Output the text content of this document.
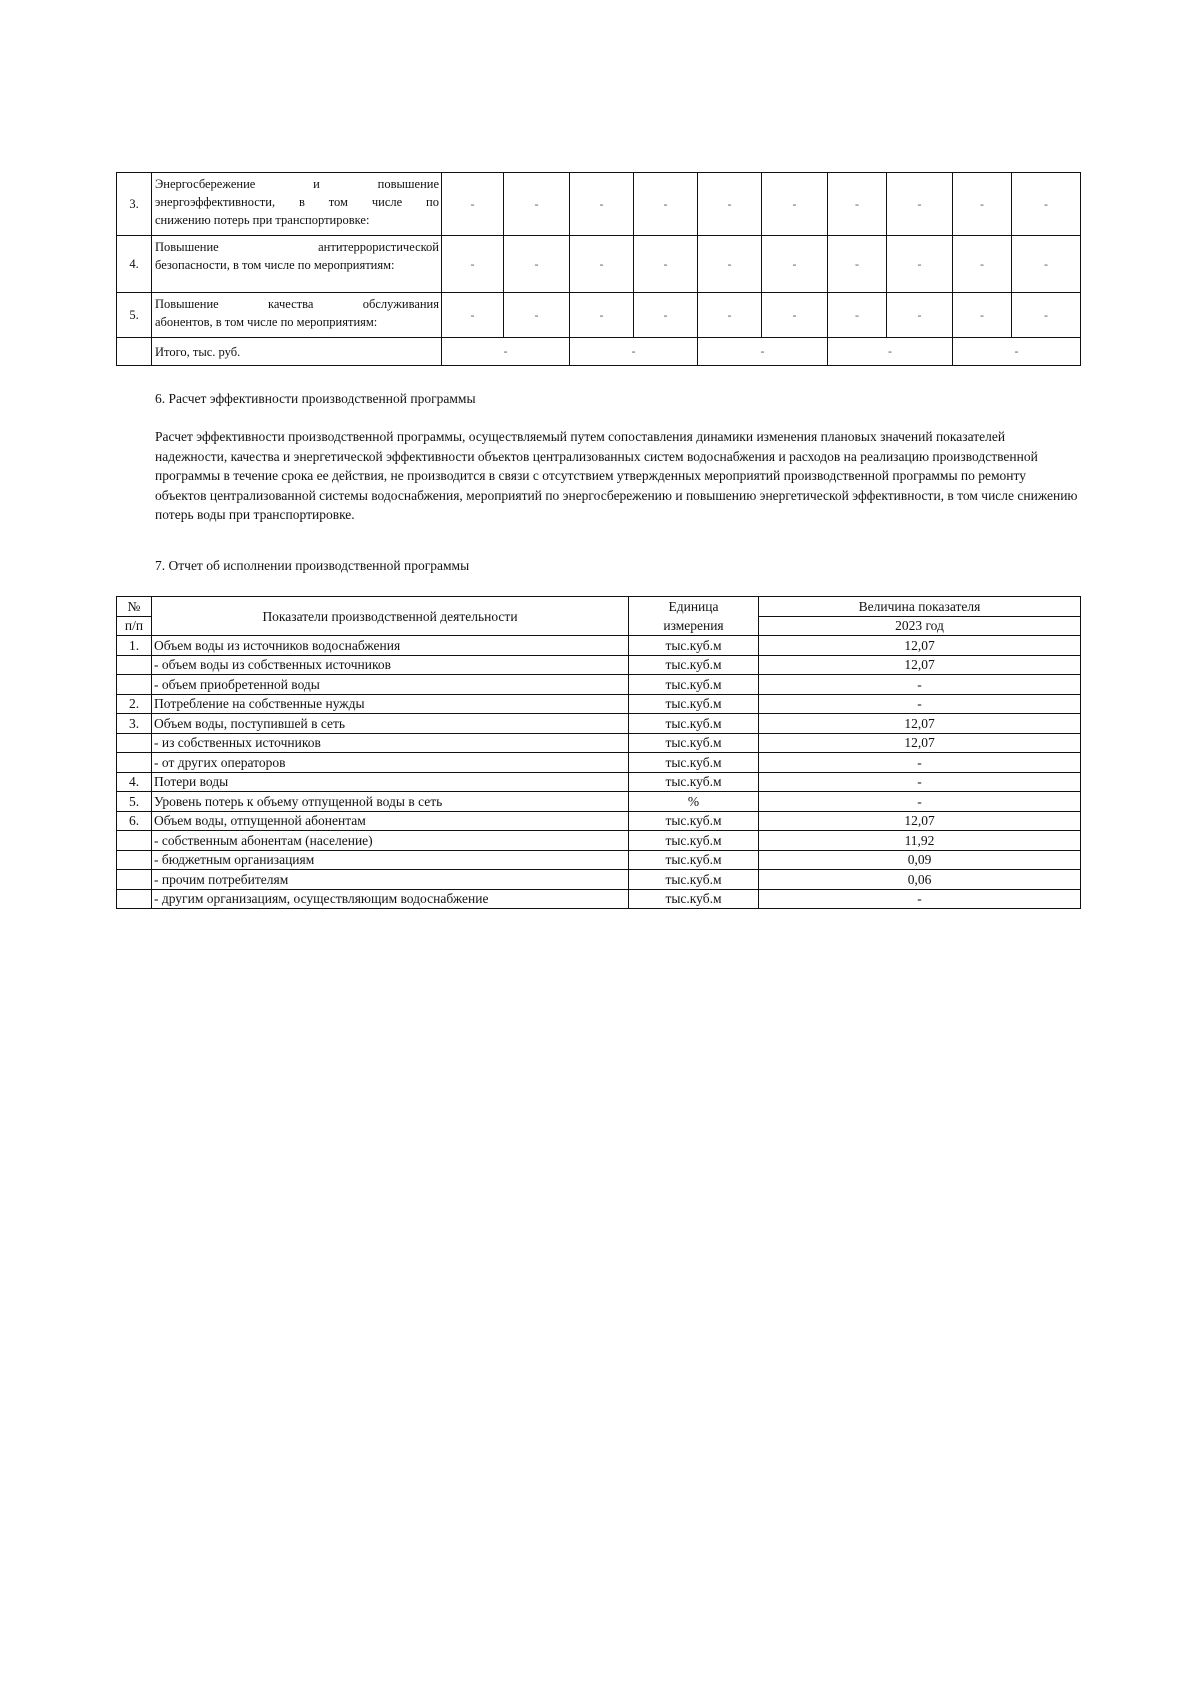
3.	Энергосбережение и повышение
энергоэффективности, в том числе по
снижению потерь при транспортировке:	-	-	-	-	-	-	-	-	-	-
4.	Повышение антитеррористической
безопасности, в том числе по мероприятиям:	-	-	-	-	-	-	-	-	-	-
5.	Повышение качества обслуживания
абонентов, в том числе по мероприятиям:	-	-	-	-	-	-	-	-	-	-
	Итого, тыс. руб.	-		-		-		-		-	
6. Расчет эффективности производственной программы

Расчет эффективности производственной программы, осуществляемый путем сопоставления динамики изменения плановых значений показателей надежности, качества и энергетической эффективности объектов централизованных систем водоснабжения и расходов на реализацию производственной программы в течение срока ее действия, не производится в связи с отсутствием утвержденных мероприятий производственной программы по ремонту объектов централизованной системы водоснабжения, мероприятий по энергосбережению и повышению энергетической эффективности, в том числе снижению потерь воды при транспортировке.

7. Отчет об исполнении производственной программы
№	Показатели производственной деятельности	Единица	Величина показателя
п/п		измерения	2023 год
1.	Объем воды из источников водоснабжения	тыс.куб.м	12,07
	- объем воды из собственных источников	тыс.куб.м	12,07
	- объем приобретенной воды	тыс.куб.м	-
2.	Потребление на собственные нужды	тыс.куб.м	-
3.	Объем воды, поступившей в сеть	тыс.куб.м	12,07
	- из собственных источников	тыс.куб.м	12,07
	- от других операторов	тыс.куб.м	-
4.	Потери воды	тыс.куб.м	-
5.	Уровень потерь к объему отпущенной воды в сеть	%	-
6.	Объем воды, отпущенной абонентам	тыс.куб.м	12,07
	- собственным абонентам (население)	тыс.куб.м	11,92
	- бюджетным организациям	тыс.куб.м	0,09
	- прочим потребителям	тыс.куб.м	0,06
	- другим организациям, осуществляющим водоснабжение	тыс.куб.м	-
